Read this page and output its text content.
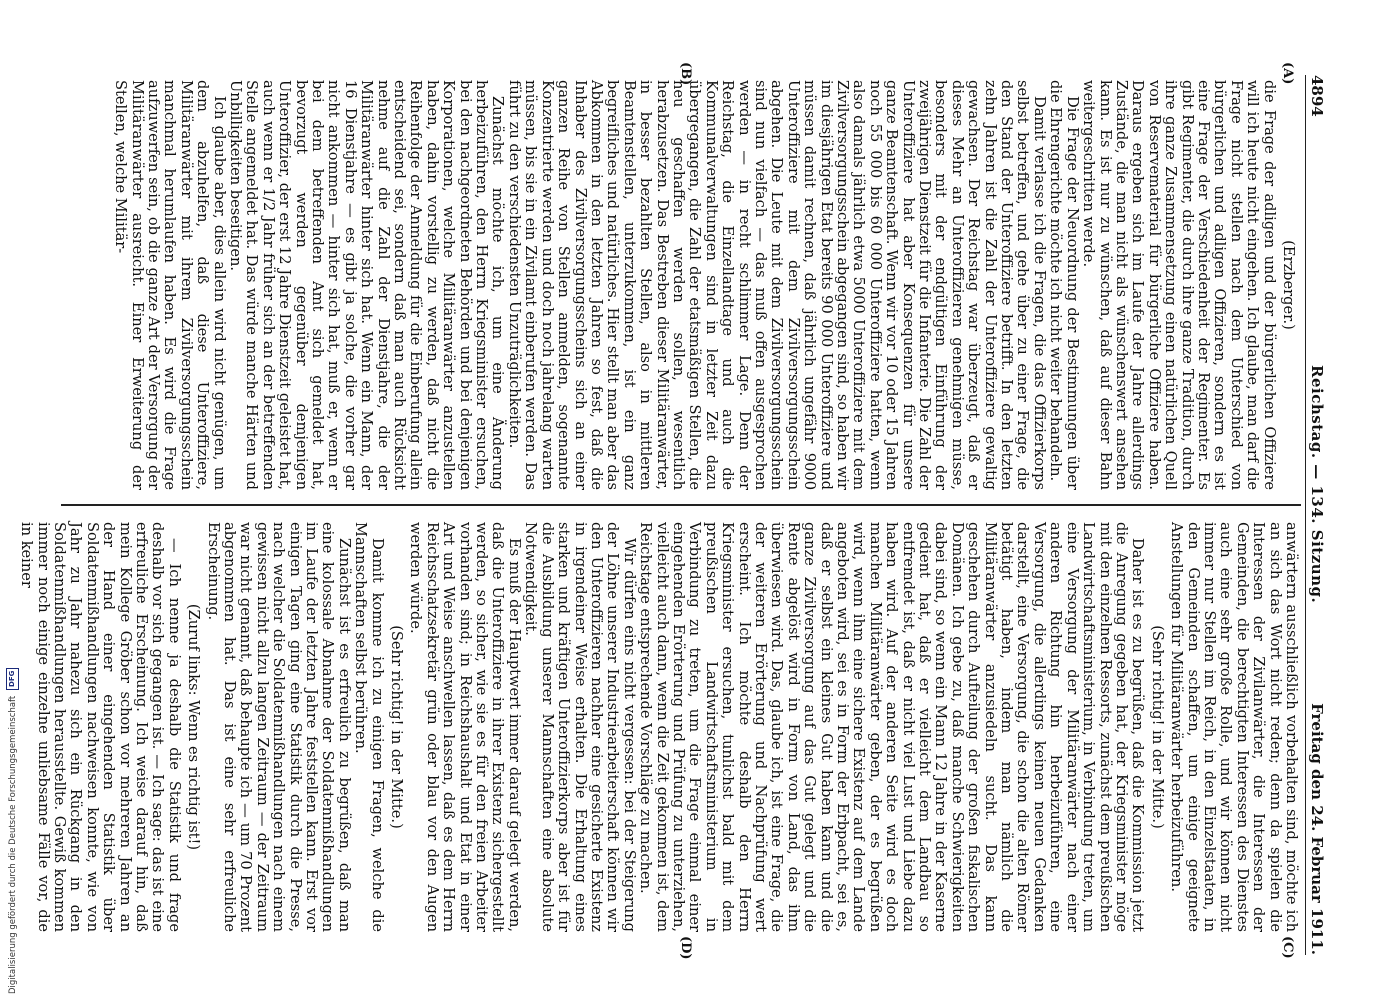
4894
Reichstag. — 134. Sitzung.
Freitag den 24. Februar 1911.
(A)
(B)
(C)
(D)

(Erzberger.)

die Frage der adligen und der bürgerlichen Offiziere will ich heute nicht eingehen. Ich glaube, man darf die Frage nicht stellen nach dem Unterschied von bürgerlichen und adligen Offizieren, sondern es ist eine Frage der Verschiedenheit der Regimenter. Es gibt Regimenter, die durch ihre ganze Tradition, durch ihre ganze Zusammensetzung einen natürlichen Quell von Reservematerial für bürgerliche Offiziere haben. Daraus ergeben sich im Laufe der Jahre allerdings Zustände, die man nicht als wünschenswert ansehen kann. Es ist nur zu wünschen, daß auf dieser Bahn weitergeschritten werde.

Die Frage der Neuordnung der Bestimmungen über die Ehrengerichte möchte ich nicht weiter behandeln.

Damit verlasse ich die Fragen, die das Offizierkorps selbst betreffen, und gehe über zu einer Frage, die den Stand der Unteroffiziere betrifft. In den letzten zehn Jahren ist die Zahl der Unteroffiziere gewaltig gewachsen. Der Reichstag war überzeugt, daß er dieses Mehr an Unteroffizieren genehmigen müsse, besonders mit der endgültigen Einführung der zweijährigen Dienstzeit für die Infanterie. Die Zahl der Unteroffiziere hat aber Konsequenzen für unsere ganze Beamtenschaft. Wenn wir vor 10 oder 15 Jahren noch 55 000 bis 60 000 Unteroffiziere hatten, wenn also damals jährlich etwa 5000 Unteroffiziere mit dem Zivilversorgungsschein abgegangen sind, so haben wir im diesjährigen Etat bereits 90 000 Unteroffiziere und müssen damit rechnen, daß jährlich ungefähr 9000 Unteroffiziere mit dem Zivilversorgungsschein abgehen. Die Leute mit dem Zivilversorgungsschein sind nun vielfach — das muß offen ausgesprochen werden — in recht schlimmer Lage. Denn der Reichstag, die Einzellandtage und auch die Kommunalverwaltungen sind in letzter Zeit dazu übergegangen, die Zahl der etatsmäßigen Stellen, die neu geschaffen werden sollen, wesentlich herabzusetzen. Das Bestreben dieser Militäranwärter, in besser bezahlten Stellen, also in mittleren Beamtenstellen, unterzukommen, ist ein ganz begreifliches und natürliches. Hier stellt man aber das Abkommen in den letzten Jahren so fest, daß die Inhaber des Zivilversorgungsscheins sich an einer ganzen Reihe von Stellen anmelden, sogenannte Konzentrierte werden und doch noch jahrelang warten müssen, bis sie in ein Zivilamt einberufen werden. Das führt zu den verschiedensten Unzuträglichkeiten.

Zunächst möchte ich, um eine Änderung herbeizuführen, den Herrn Kriegsminister ersuchen, bei den nachgeordneten Behörden und bei denjenigen Korporationen, welche Militäranwärter anzustellen haben, dahin vorstellig zu werden, daß nicht die Reihenfolge der Anmeldung für die Einberufung allein entscheidend sei, sondern daß man auch Rücksicht nehme auf die Zahl der Dienstjahre, die der Militäranwärter hinter sich hat. Wenn ein Mann, der 16 Dienstjahre — es gibt ja solche, die vorher gar nicht ankommen — hinter sich hat, muß er, wenn er bei dem betreffenden Amt sich gemeldet hat, bevorzugt werden gegenüber demjenigen Unteroffizier, der erst 12 Jahre Dienstzeit geleistet hat, auch wenn er 1/2 Jahr früher sich an der betreffenden Stelle angemeldet hat. Das würde manche Härten und Unbilligkeiten beseitigen.

Ich glaube aber, dies allein wird nicht genügen, um dem abzuhelfen, daß diese Unteroffiziere, Militäranwärter mit ihrem Zivilversorgungsschein manchmal herumlaufen haben. Es wird die Frage aufzuwerfen sein, ob die ganze Art der Versorgung der Militäranwärter ausreicht. Einer Erweiterung der Stellen, welche Militär-

anwärtern ausschließlich vorbehalten sind, möchte ich an sich das Wort nicht reden; denn da spielen die Interessen der Zivilanwärter, die Interessen der Gemeinden, die berechtigten Interessen des Dienstes auch eine sehr große Rolle, und wir können nicht immer nur Stellen im Reich, in den Einzelstaaten, in den Gemeinden schaffen, um einige geeignete Anstellungen für Militäranwärter herbeizuführen.

(Sehr richtig! in der Mitte.)

Daher ist es zu begrüßen, daß die Kommission jetzt die Anregung gegeben hat, der Kriegsminister möge mit den einzelnen Ressorts, zunächst dem preußischen Landwirtschaftsministerium, in Verbindung treten, um eine Versorgung der Militäranwärter nach einer anderen Richtung hin herbeizuführen, eine Versorgung, die allerdings keinen neuen Gedanken darstellt, eine Versorgung, die schon die alten Römer betätigt haben, indem man nämlich die Militäranwärter anzusiedeln sucht. Das kann geschehen durch Aufteilung der großen fiskalischen Domänen. Ich gebe zu, daß manche Schwierigkeiten dabei sind, so wenn ein Mann 12 Jahre in der Kaserne gedient hat, daß er vielleicht dem Landbau so entfremdet ist, daß er nicht viel Lust und Liebe dazu haben wird. Auf der anderen Seite wird es doch manchen Militäranwärter geben, der es begrüßen wird, wenn ihm eine sichere Existenz auf dem Lande angeboten wird, sei es in Form der Erbpacht, sei es, daß er selbst ein kleines Gut haben kann und die ganze Zivilversorgung auf das Gut gelegt und die Rente abgelöst wird in Form von Land, das ihm überwiesen wird. Das, glaube ich, ist eine Frage, die der weiteren Erörterung und Nachprüfung wert erscheint. Ich möchte deshalb den Herrn Kriegsminister ersuchen, tunlichst bald mit dem preußischen Landwirtschaftsministerium in Verbindung zu treten, um die Frage einmal einer eingehenden Erörterung und Prüfung zu unterziehen, vielleicht auch dann, wenn die Zeit gekommen ist, dem Reichstage entsprechende Vorschläge zu machen.

Wir dürfen eins nicht vergessen: bei der Steigerung der Löhne unserer Industriearbeiterschaft können wir den Unteroffizieren nachher eine gesicherte Existenz in irgendeiner Weise erhalten. Die Erhaltung eines starken und kräftigen Unteroffizierkorps aber ist für die Ausbildung unserer Mannschaften eine absolute Notwendigkeit.

Es muß der Hauptwert immer darauf gelegt werden, daß die Unteroffiziere in ihrer Existenz sichergestellt werden, so sicher, wie sie es für den freien Arbeiter vorhanden sind; in Reichshaushalt und Etat in einer Art und Weise anschwellen lassen, daß es dem Herrn Reichsschatzsekretär grün oder blau vor den Augen werden würde.

(Sehr richtig! in der Mitte.)

Damit komme ich zu einigen Fragen, welche die Mannschaften selbst berühren.

Zunächst ist es erfreulich zu begrüßen, daß man eine kolossale Abnahme der Soldatenmißhandlungen im Laufe der letzten Jahre feststellen kann. Erst vor einigen Tagen ging eine Statistik durch die Presse, nach welcher die Soldatenmißhandlungen nach einem gewissen nicht allzu langen Zeitraum — der Zeitraum war nicht genannt, daß behaupte ich — um 70 Prozent abgenommen hat. Das ist eine sehr erfreuliche Erscheinung.

(Zuruf links: Wenn es richtig ist!)

— Ich nenne ja deshalb die Statistik und frage deshalb vor sich gegangen ist. — Ich sage: das ist eine erfreuliche Erscheinung. Ich weise darauf hin, daß mein Kollege Gröber schon vor mehreren Jahren an der Hand einer eingehenden Statistik über Soldatenmißhandlungen nachweisen konnte, wie von Jahr zu Jahr nahezu sich ein Rückgang in den Soldatenmißhandlungen herausstellte. Gewiß kommen immer noch einige einzelne unliebsame Fälle vor, die in keiner

Digitalisierung gefördert durch die Deutsche Forschungsgemeinschaft
DFG
